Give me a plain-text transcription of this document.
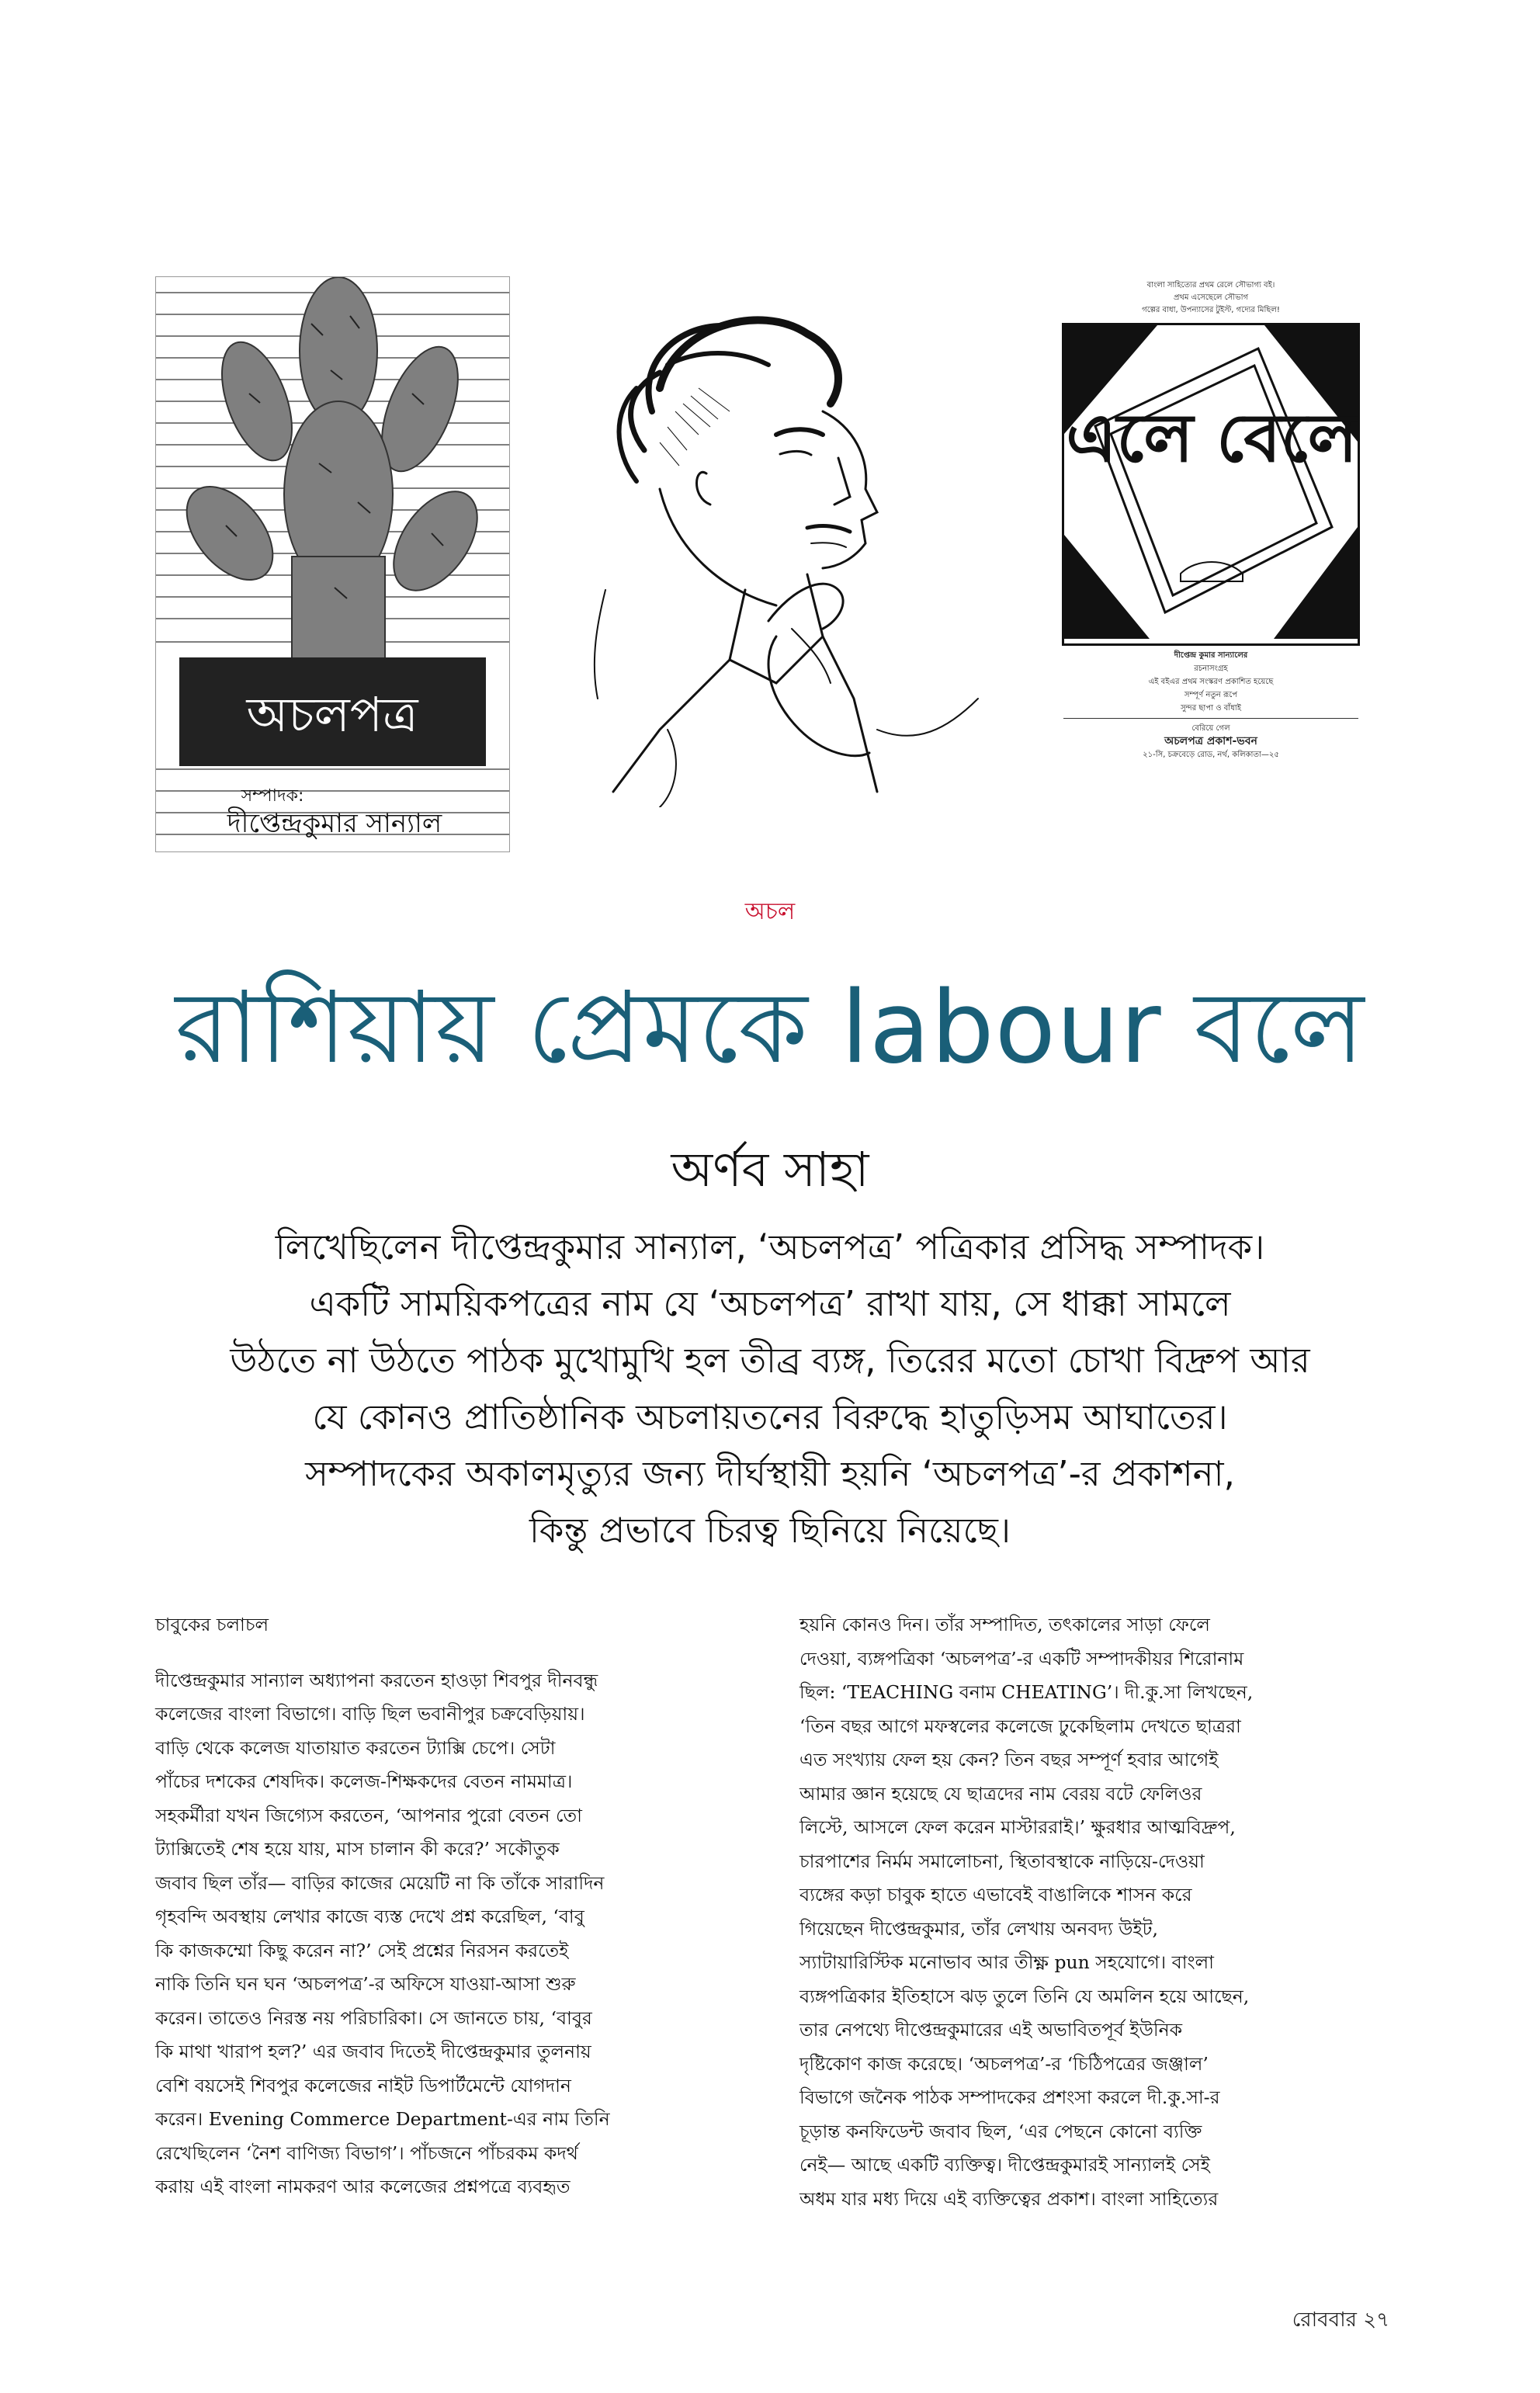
অচলপত্র
সম্পাদক:
দীপ্তেন্দ্রকুমার সান্যাল
বাংলা সাহিত্যের প্রথম রেলে সৌভাগ্য বই।
প্রথম এসেছেলে সৌভাগ
গল্পের বাধা, উপন্যাসের টুইস্ট, গদ্যের মিছিল!
এলে বেলে
দীপ্তেন্দ্র কুমার সান্যালের
রচনাসংগ্রহ
এই বইএর প্রথম সংস্করণ প্রকাশিত হয়েছে
সম্পূর্ণ নতুন রূপে
সুন্দর ছাপা ও বাঁধাই
বেরিয়ে গেল
অচলপত্র প্রকাশ-ভবন
২১-সি, চক্রবেড়ে রোড, নর্থ, কলিকাতা—২৫
অচল
রাশিয়ায় প্রেমকে labour বলে
অর্ণব সাহা
লিখেছিলেন দীপ্তেন্দ্রকুমার সান্যাল, ‘অচলপত্র’ পত্রিকার প্রসিদ্ধ সম্পাদক।
একটি সাময়িকপত্রের নাম যে ‘অচলপত্র’ রাখা যায়, সে ধাক্কা সামলে
উঠতে না উঠতে পাঠক মুখোমুখি হল তীব্র ব্যঙ্গ, তিরের মতো চোখা বিদ্রুপ আর
যে কোনও প্রাতিষ্ঠানিক অচলায়তনের বিরুদ্ধে হাতুড়িসম আঘাতের।
সম্পাদকের অকালমৃত্যুর জন্য দীর্ঘস্থায়ী হয়নি ‘অচলপত্র’-র প্রকাশনা,
কিন্তু প্রভাবে চিরত্ব ছিনিয়ে নিয়েছে।
চাবুকের চলাচল
দীপ্তেন্দ্রকুমার সান্যাল অধ্যাপনা করতেন হাওড়া শিবপুর দীনবন্ধু
কলেজের বাংলা বিভাগে। বাড়ি ছিল ভবানীপুর চক্রবেড়িয়ায়।
বাড়ি থেকে কলেজ যাতায়াত করতেন ট্যাক্সি চেপে। সেটা
পাঁচের দশকের শেষদিক। কলেজ-শিক্ষকদের বেতন নামমাত্র।
সহকর্মীরা যখন জিগ্যেস করতেন, ‘আপনার পুরো বেতন তো
ট্যাক্সিতেই শেষ হয়ে যায়, মাস চালান কী করে?’ সকৌতুক
জবাব ছিল তাঁর— বাড়ির কাজের মেয়েটি না কি তাঁকে সারাদিন
গৃহবন্দি অবস্থায় লেখার কাজে ব্যস্ত দেখে প্রশ্ন করেছিল, ‘বাবু
কি কাজকম্মো কিছু করেন না?’ সেই প্রশ্নের নিরসন করতেই
নাকি তিনি ঘন ঘন ‘অচলপত্র’-র অফিসে যাওয়া-আসা শুরু
করেন। তাতেও নিরস্ত নয় পরিচারিকা। সে জানতে চায়, ‘বাবুর
কি মাথা খারাপ হল?’ এর জবাব দিতেই দীপ্তেন্দ্রকুমার তুলনায়
বেশি বয়সেই শিবপুর কলেজের নাইট ডিপার্টমেন্টে যোগদান
করেন। Evening Commerce Department-এর নাম তিনি
রেখেছিলেন ‘নৈশ বাণিজ্য বিভাগ’। পাঁচজনে পাঁচরকম কদর্থ
করায় এই বাংলা নামকরণ আর কলেজের প্রশ্নপত্রে ব্যবহৃত
হয়নি কোনও দিন। তাঁর সম্পাদিত, তৎকালের সাড়া ফেলে
দেওয়া, ব্যঙ্গপত্রিকা ‘অচলপত্র’-র একটি সম্পাদকীয়র শিরোনাম
ছিল: ‘TEACHING বনাম CHEATING’। দী.কু.সা লিখছেন,
‘তিন বছর আগে মফস্বলের কলেজে ঢুকেছিলাম দেখতে ছাত্ররা
এত সংখ্যায় ফেল হয় কেন? তিন বছর সম্পূর্ণ হবার আগেই
আমার জ্ঞান হয়েছে যে ছাত্রদের নাম বেরয় বটে ফেলিওর
লিস্টে, আসলে ফেল করেন মাস্টাররাই।’ ক্ষুরধার আত্মবিদ্রুপ,
চারপাশের নির্মম সমালোচনা, স্থিতাবস্থাকে নাড়িয়ে-দেওয়া
ব্যঙ্গের কড়া চাবুক হাতে এভাবেই বাঙালিকে শাসন করে
গিয়েছেন দীপ্তেন্দ্রকুমার, তাঁর লেখায় অনবদ্য উইট,
স্যাটায়ারিস্টিক মনোভাব আর তীক্ষ্ণ pun সহযোগে। বাংলা
ব্যঙ্গপত্রিকার ইতিহাসে ঝড় তুলে তিনি যে অমলিন হয়ে আছেন,
তার নেপথ্যে দীপ্তেন্দ্রকুমারের এই অভাবিতপূর্ব ইউনিক
দৃষ্টিকোণ কাজ করেছে। ‘অচলপত্র’-র ‘চিঠিপত্রের জঞ্জাল’
বিভাগে জনৈক পাঠক সম্পাদকের প্রশংসা করলে দী.কু.সা-র
চূড়ান্ত কনফিডেন্ট জবাব ছিল, ‘এর পেছনে কোনো ব্যক্তি
নেই— আছে একটি ব্যক্তিত্ব। দীপ্তেন্দ্রকুমারই সান্যালই সেই
অধম যার মধ্য দিয়ে এই ব্যক্তিত্বের প্রকাশ। বাংলা সাহিত্যের
রোববার ২৭
